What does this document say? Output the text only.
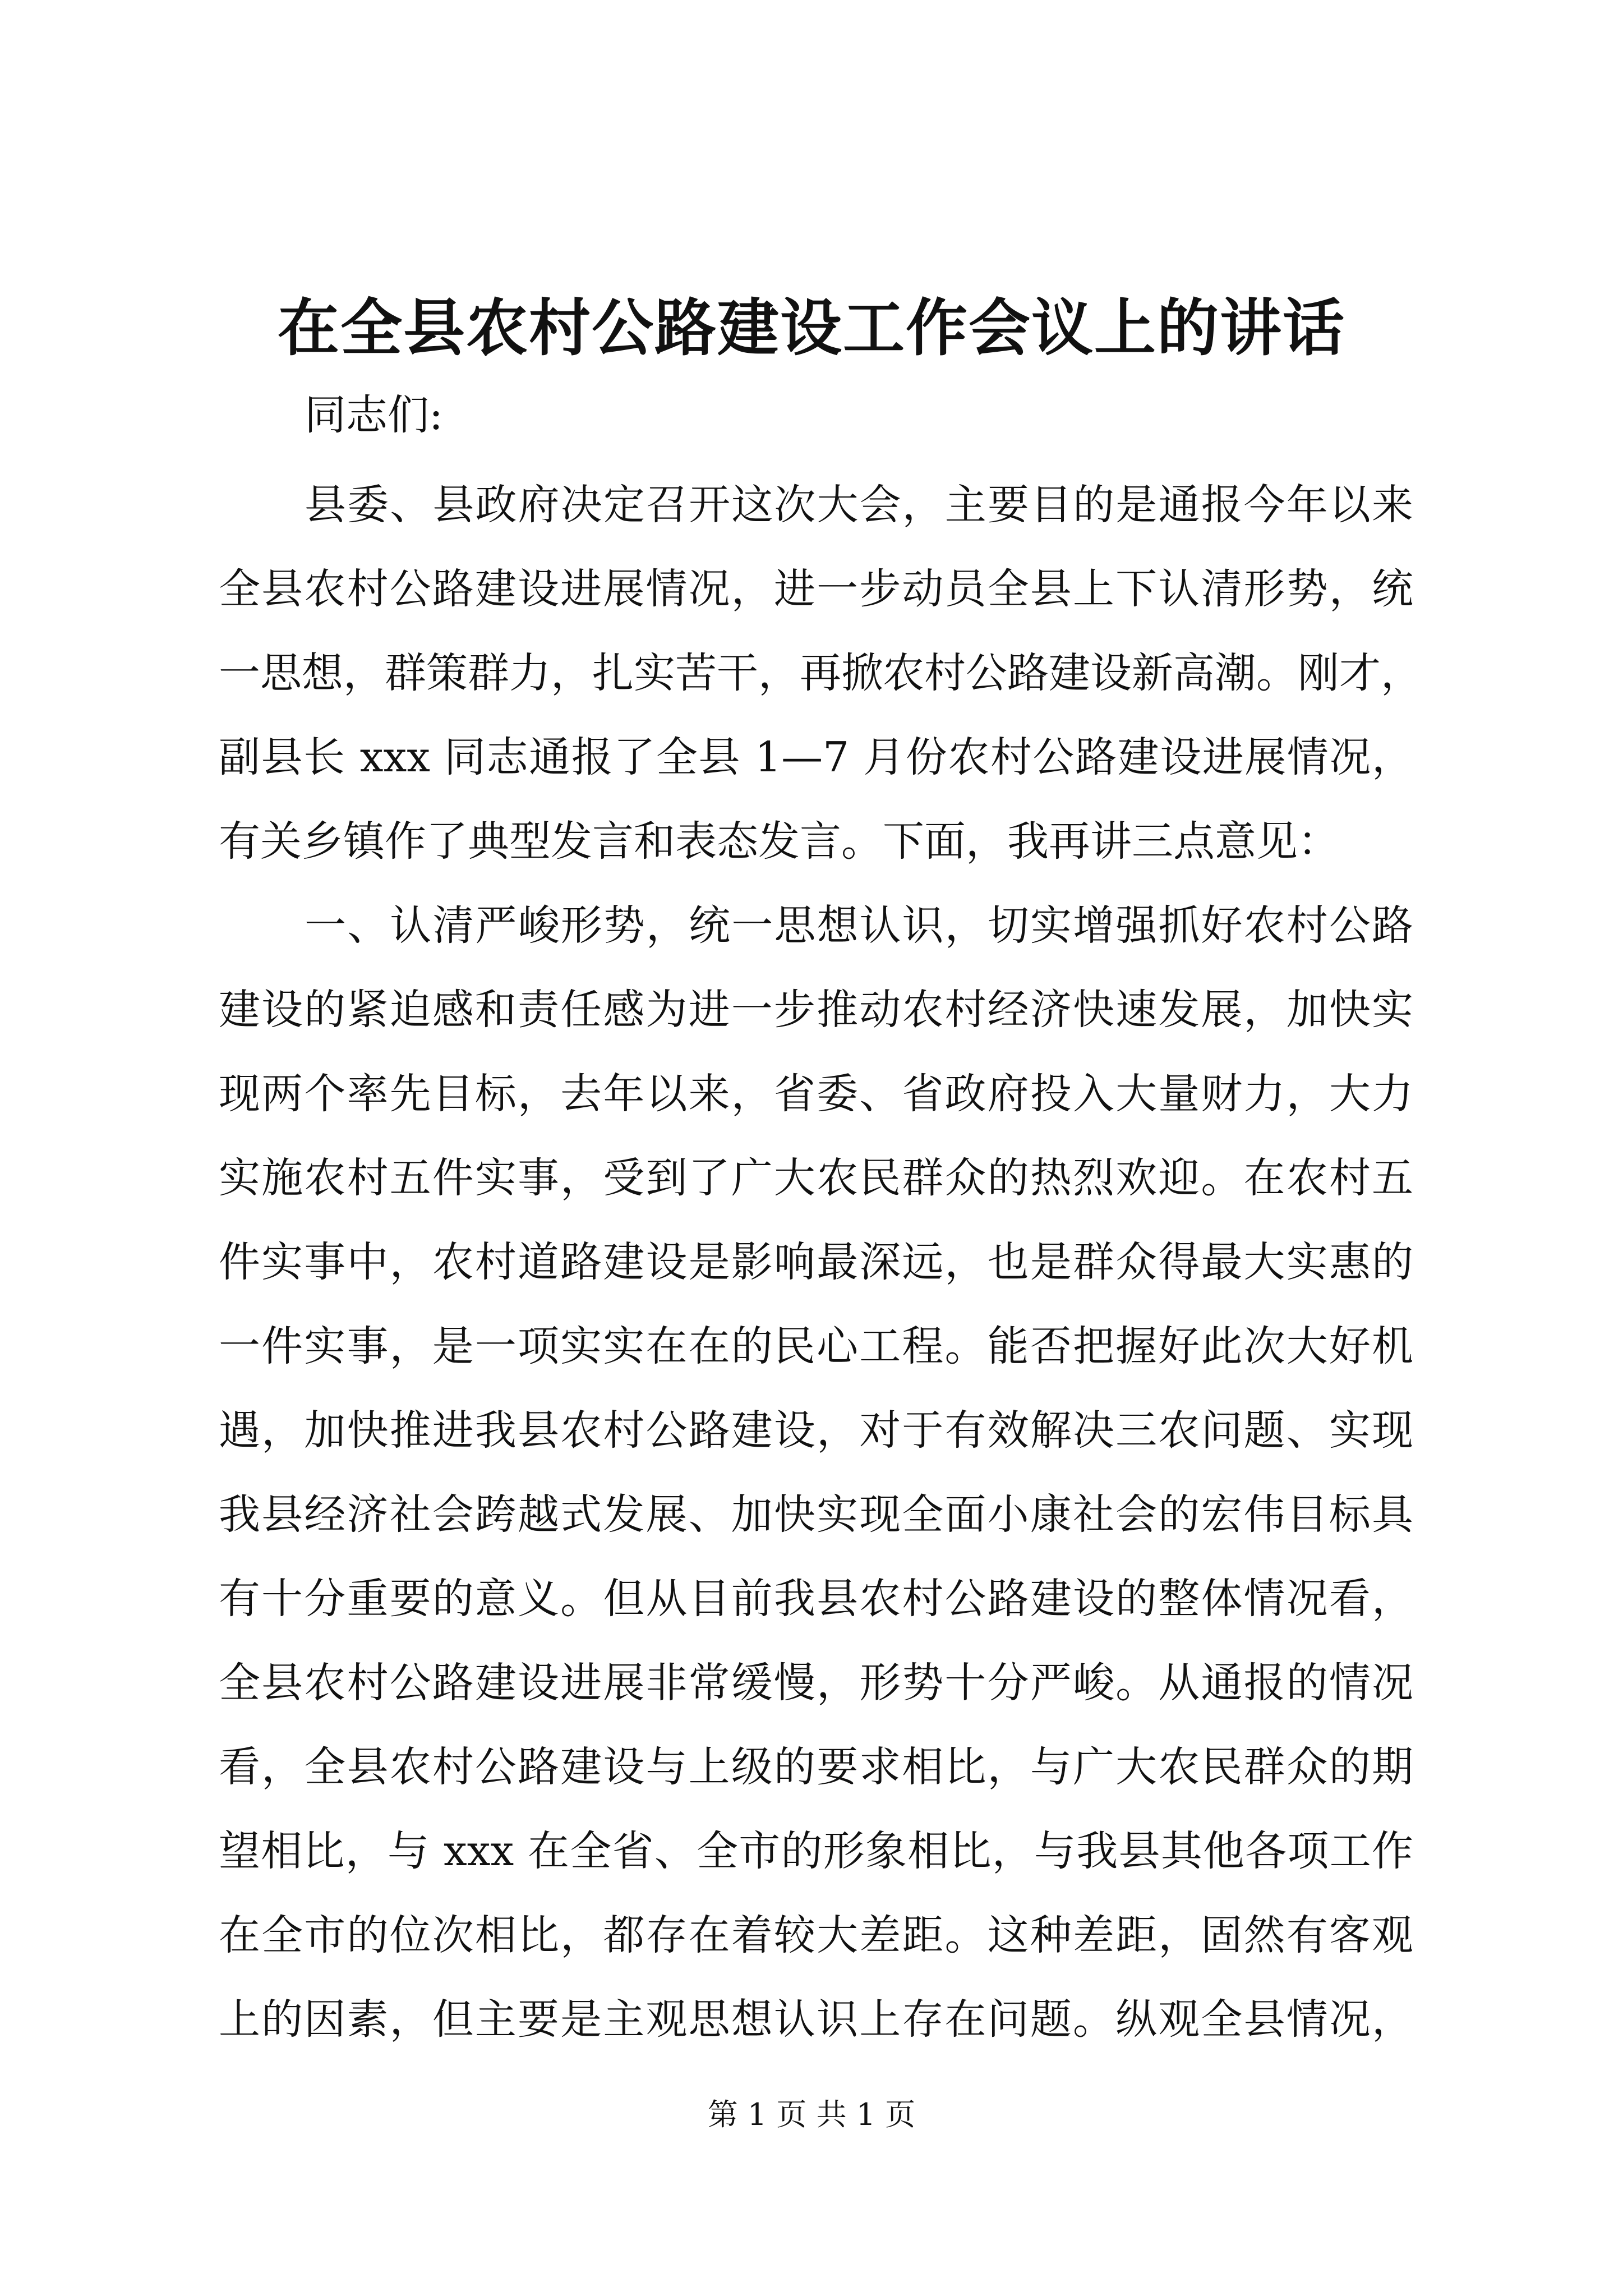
在全县农村公路建设工作会议上的讲话

同志们:

县委、县政府决定召开这次大会，主要目的是通报今年以来

全县农村公路建设进展情况，进一步动员全县上下认清形势，统

一思想，群策群力，扎实苦干，再掀农村公路建设新高潮。刚才，

副县长 xxx 同志通报了全县 1—7 月份农村公路建设进展情况，

有关乡镇作了典型发言和表态发言。下面，我再讲三点意见：

一、认清严峻形势，统一思想认识，切实增强抓好农村公路

建设的紧迫感和责任感为进一步推动农村经济快速发展，加快实

现两个率先目标，去年以来，省委、省政府投入大量财力，大力

实施农村五件实事，受到了广大农民群众的热烈欢迎。在农村五

件实事中，农村道路建设是影响最深远，也是群众得最大实惠的

一件实事，是一项实实在在的民心工程。能否把握好此次大好机

遇，加快推进我县农村公路建设，对于有效解决三农问题、实现

我县经济社会跨越式发展、加快实现全面小康社会的宏伟目标具

有十分重要的意义。但从目前我县农村公路建设的整体情况看，

全县农村公路建设进展非常缓慢，形势十分严峻。从通报的情况

看，全县农村公路建设与上级的要求相比，与广大农民群众的期

望相比，与 xxx 在全省、全市的形象相比，与我县其他各项工作

在全市的位次相比，都存在着较大差距。这种差距，固然有客观

上的因素，但主要是主观思想认识上存在问题。纵观全县情况，

第 1 页 共 1 页
